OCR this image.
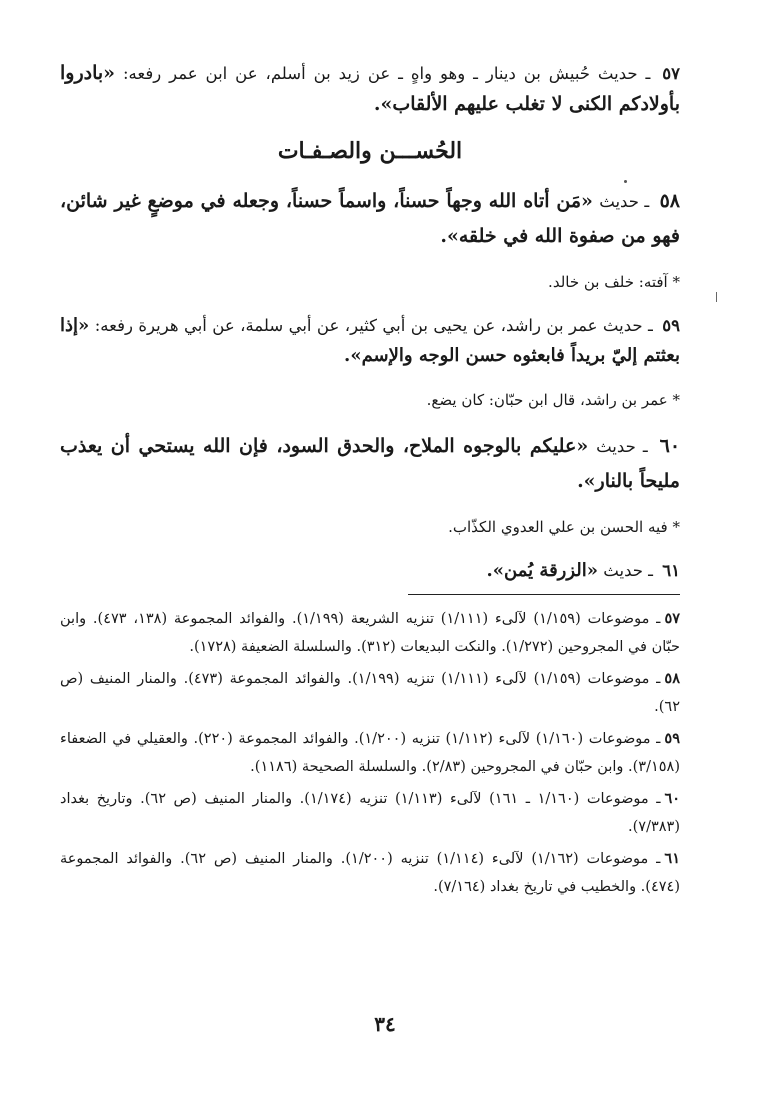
٥٧ ـ حديث حُبيش بن دينار ـ وهو واهٍ ـ عن زيد بن أسلم، عن ابن عمر رفعه: «بادروا بأولادكم الكنى لا تغلب عليهم الألقاب».

الحُســـن والصـفـات

٥٨ ـ حديث «مَن أتاه الله وجهاً حسناً، واسماً حسناً، وجعله في موضعٍ غير شائن، فهو من صفوة الله في خلقه».

* آفته: خلف بن خالد.

٥٩ ـ حديث عمر بن راشد، عن يحيى بن أبي كثير، عن أبي سلمة، عن أبي هريرة رفعه: «إذا بعثتم إليّ بريداً فابعثوه حسن الوجه والإسم».

* عمر بن راشد، قال ابن حبّان: كان يضع.

٦٠ ـ حديث «عليكم بالوجوه الملاح، والحدق السود، فإن الله يستحي أن يعذب مليحاً بالنار».

* فيه الحسن بن علي العدوي الكذّاب.

٦١ ـ حديث «الزرقة يُمن».

٥٧ـ موضوعات (١/١٥٩) لآلىء (١/١١١) تنزيه الشريعة (١/١٩٩). والفوائد المجموعة (١٣٨، ٤٧٣). وابن حبّان في المجروحين (١/٢٧٢). والنكت البديعات (٣١٢). والسلسلة الضعيفة (١٧٢٨).

٥٨ـ موضوعات (١/١٥٩) لآلىء (١/١١١) تنزيه (١/١٩٩). والفوائد المجموعة (٤٧٣). والمنار المنيف (ص ٦٢).

٥٩ـ موضوعات (١/١٦٠) لآلىء (١/١١٢) تنزيه (١/٢٠٠). والفوائد المجموعة (٢٢٠). والعقيلي في الضعفاء (٣/١٥٨). وابن حبّان في المجروحين (٢/٨٣). والسلسلة الصحيحة (١١٨٦).

٦٠ـ موضوعات (١/١٦٠ ـ ١٦١) لآلىء (١/١١٣) تنزيه (١/١٧٤). والمنار المنيف (ص ٦٢). وتاريخ بغداد (٧/٣٨٣).

٦١ـ موضوعات (١/١٦٢) لآلىء (١/١١٤) تنزيه (١/٢٠٠). والمنار المنيف (ص ٦٢). والفوائد المجموعة (٤٧٤). والخطيب في تاريخ بغداد (٧/١٦٤).

٣٤
